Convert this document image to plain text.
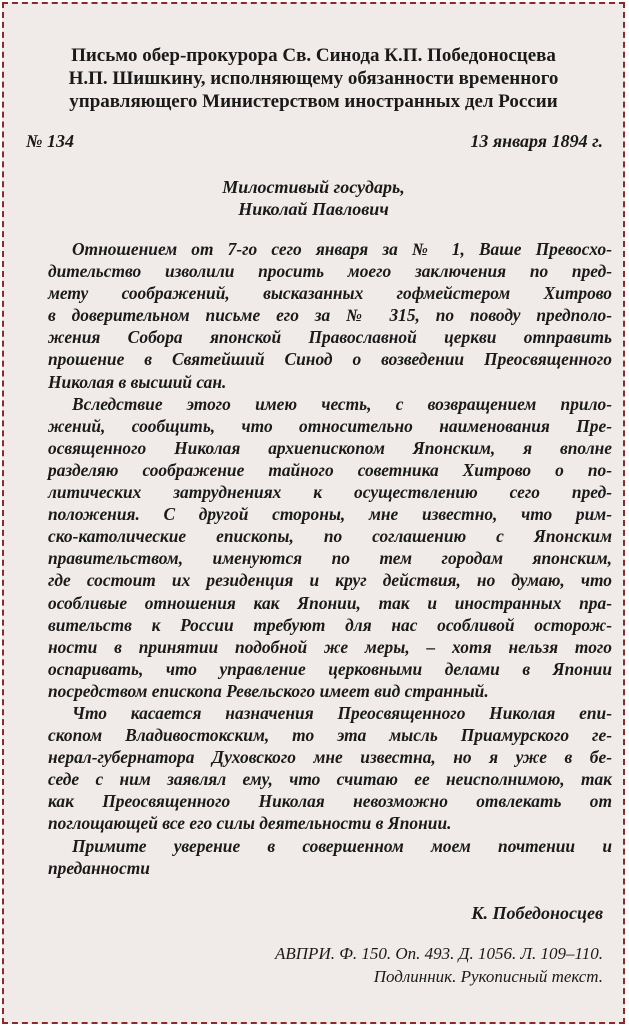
Письмо обер-прокурора Св. Синода К.П. Победоносцева
Н.П. Шишкину, исполняющему обязанности временного
управляющего Министерством иностранных дел России
№ 134	13 января 1894 г.
Милостивый государь,
Николай Павлович
Отношением от 7-го сего января за № 1, Ваше Превосхо-
дительство изволили просить моего заключения по пред-
мету соображений, высказанных гофмейстером Хитрово
в доверительном письме его за № 315, по поводу предполо-
жения Собора японской Православной церкви отправить
прошение в Святейший Синод о возведении Преосвященного
Николая в высший сан.
Вследствие этого имею честь, с возвращением прило-
жений, сообщить, что относительно наименования Пре-
освященного Николая архиепископом Японским, я вполне
разделяю соображение тайного советника Хитрово о по-
литических затруднениях к осуществлению сего пред-
положения. С другой стороны, мне известно, что рим-
ско-католические епископы, по соглашению с Японским
правительством, именуются по тем городам японским,
где состоит их резиденция и круг действия, но думаю, что
особливые отношения как Японии, так и иностранных пра-
вительств к России требуют для нас особливой осторож-
ности в принятии подобной же меры, – хотя нельзя того
оспаривать, что управление церковными делами в Японии
посредством епископа Ревельского имеет вид странный.
Что касается назначения Преосвященного Николая епи-
скопом Владивостокским, то эта мысль Приамурского ге-
нерал-губернатора Духовского мне известна, но я уже в бе-
седе с ним заявлял ему, что считаю ее неисполнимою, так
как Преосвященного Николая невозможно отвлекать от
поглощающей все его силы деятельности в Японии.
Примите уверение в совершенном моем почтении и
преданности
К. Победоносцев
АВПРИ. Ф. 150. Оп. 493. Д. 1056. Л. 109–110.
Подлинник. Рукописный текст.
